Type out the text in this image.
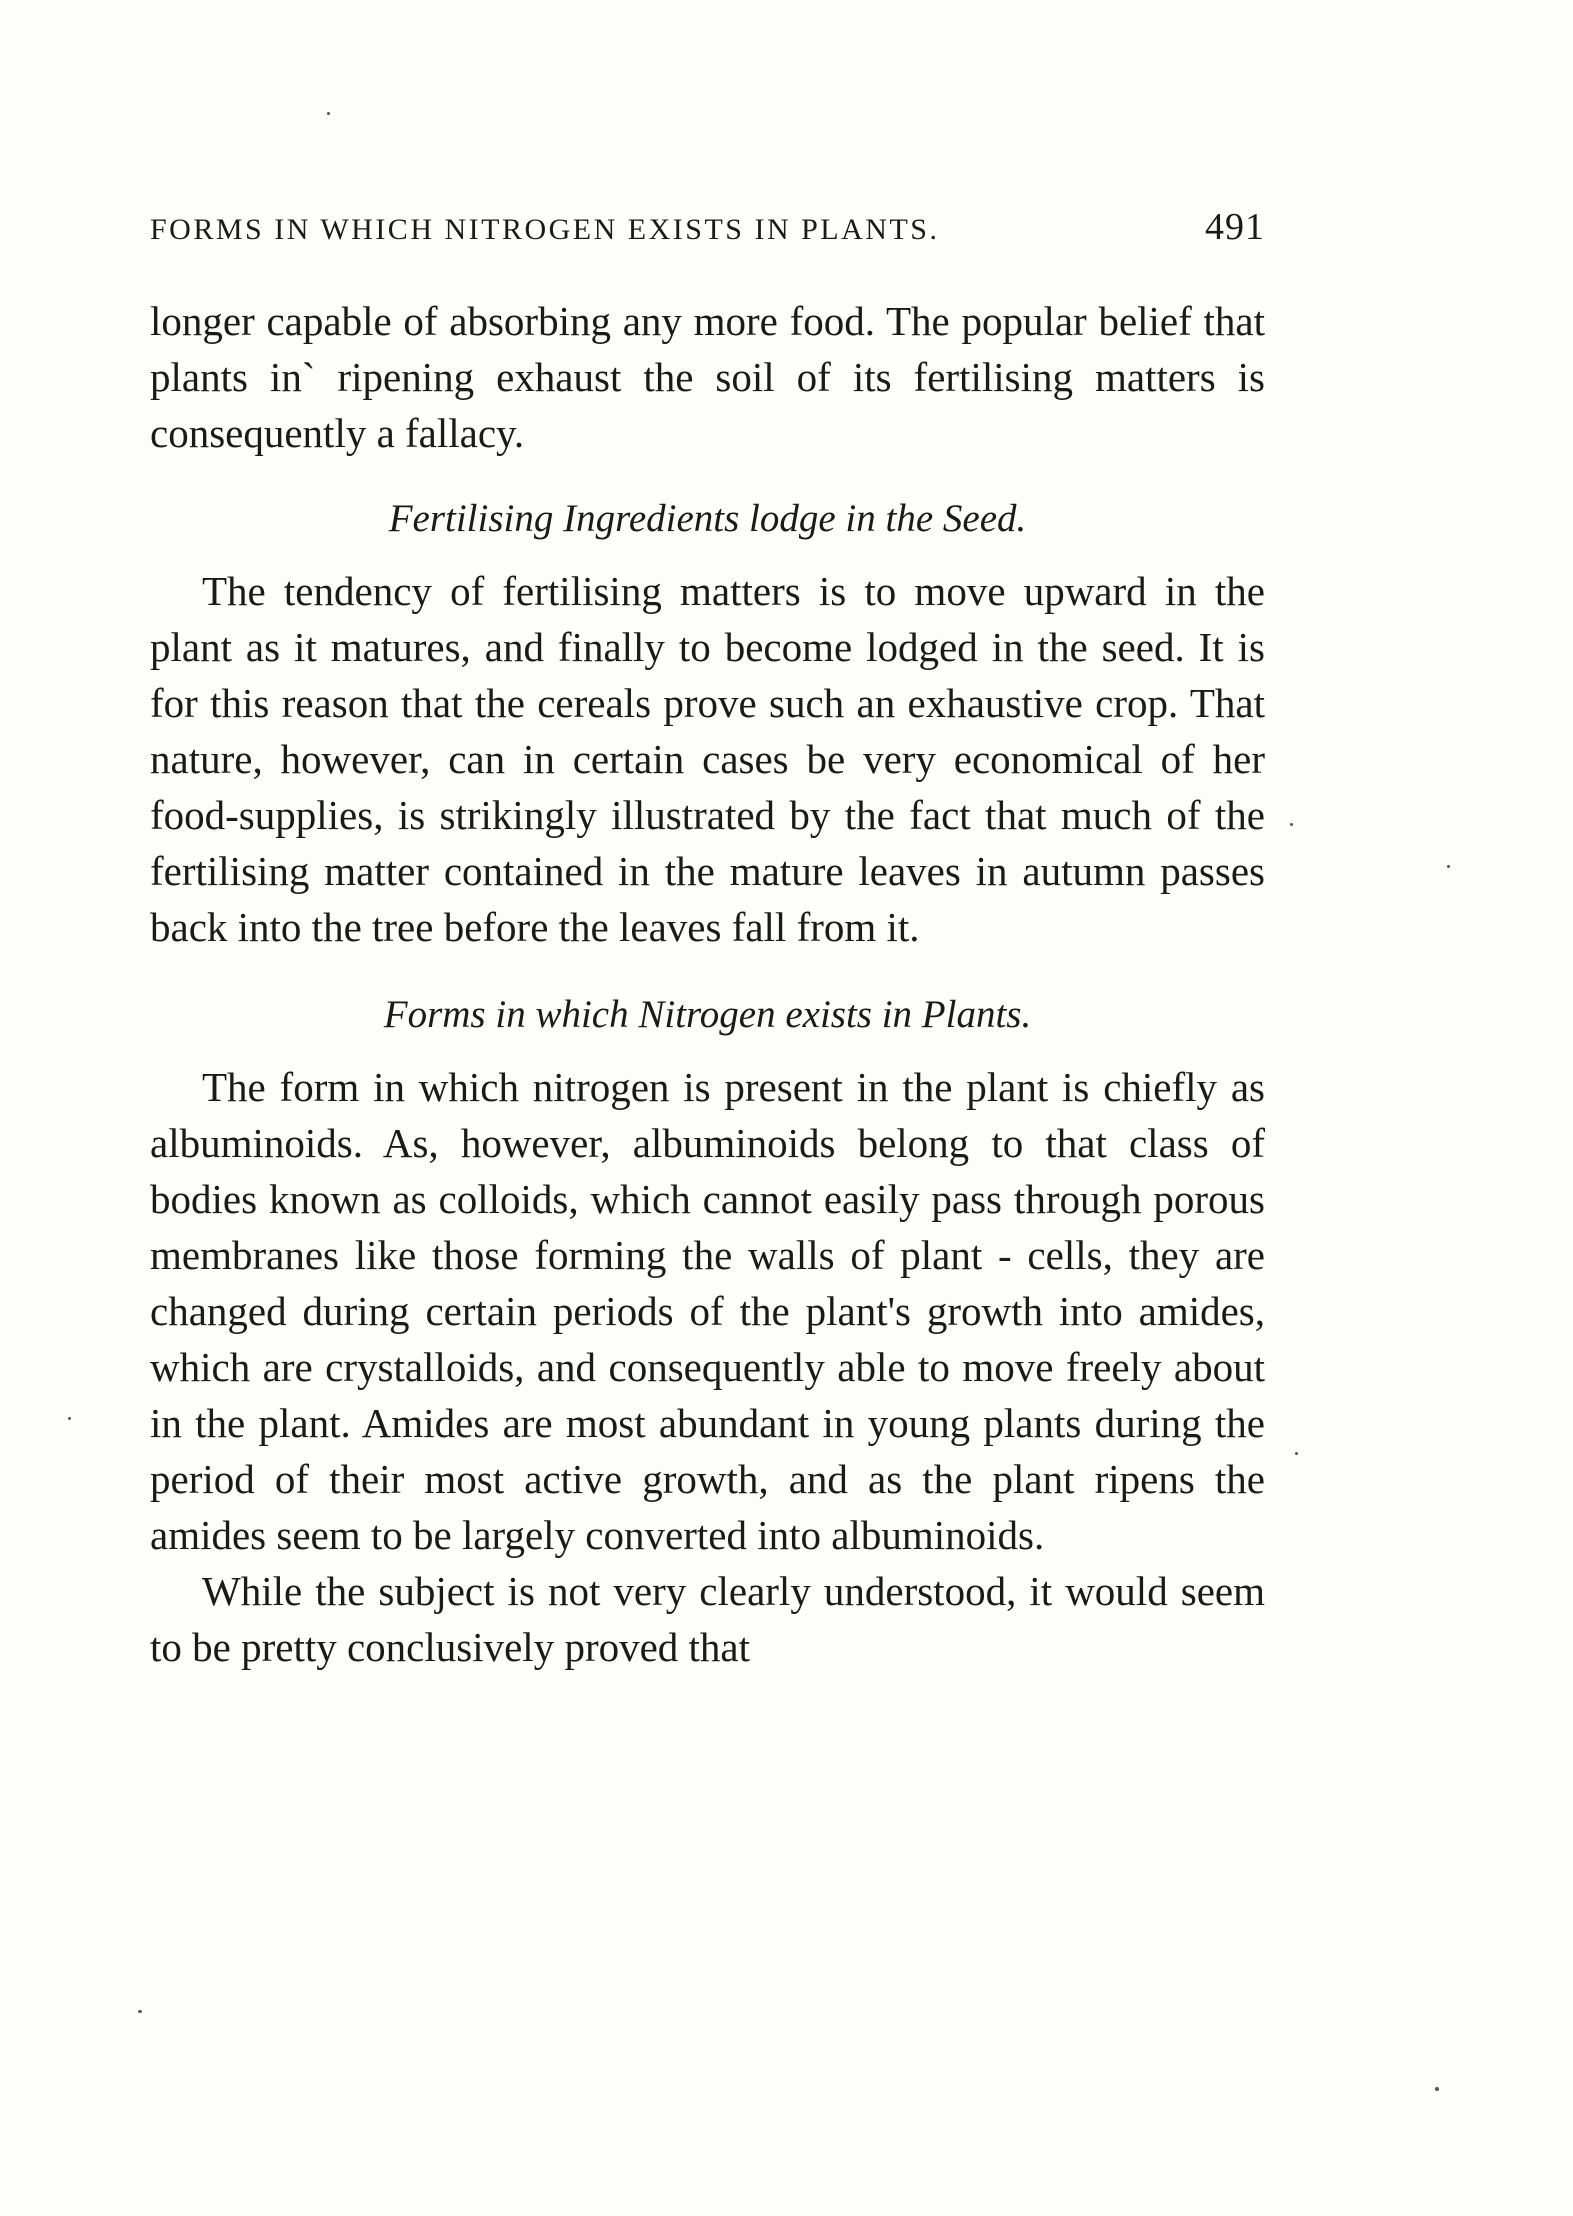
FORMS IN WHICH NITROGEN EXISTS IN PLANTS.	491

longer capable of absorbing any more food. The popular belief that plants in` ripening exhaust the soil of its fertilising matters is consequently a fallacy.

Fertilising Ingredients lodge in the Seed.

The tendency of fertilising matters is to move upward in the plant as it matures, and finally to become lodged in the seed. It is for this reason that the cereals prove such an exhaustive crop. That nature, however, can in certain cases be very economical of her food-supplies, is strikingly illustrated by the fact that much of the fertilising matter contained in the mature leaves in autumn passes back into the tree before the leaves fall from it.

Forms in which Nitrogen exists in Plants.

The form in which nitrogen is present in the plant is chiefly as albuminoids. As, however, albuminoids belong to that class of bodies known as colloids, which cannot easily pass through porous membranes like those forming the walls of plant - cells, they are changed during certain periods of the plant's growth into amides, which are crystalloids, and consequently able to move freely about in the plant. Amides are most abundant in young plants during the period of their most active growth, and as the plant ripens the amides seem to be largely converted into albuminoids.

While the subject is not very clearly understood, it would seem to be pretty conclusively proved that
